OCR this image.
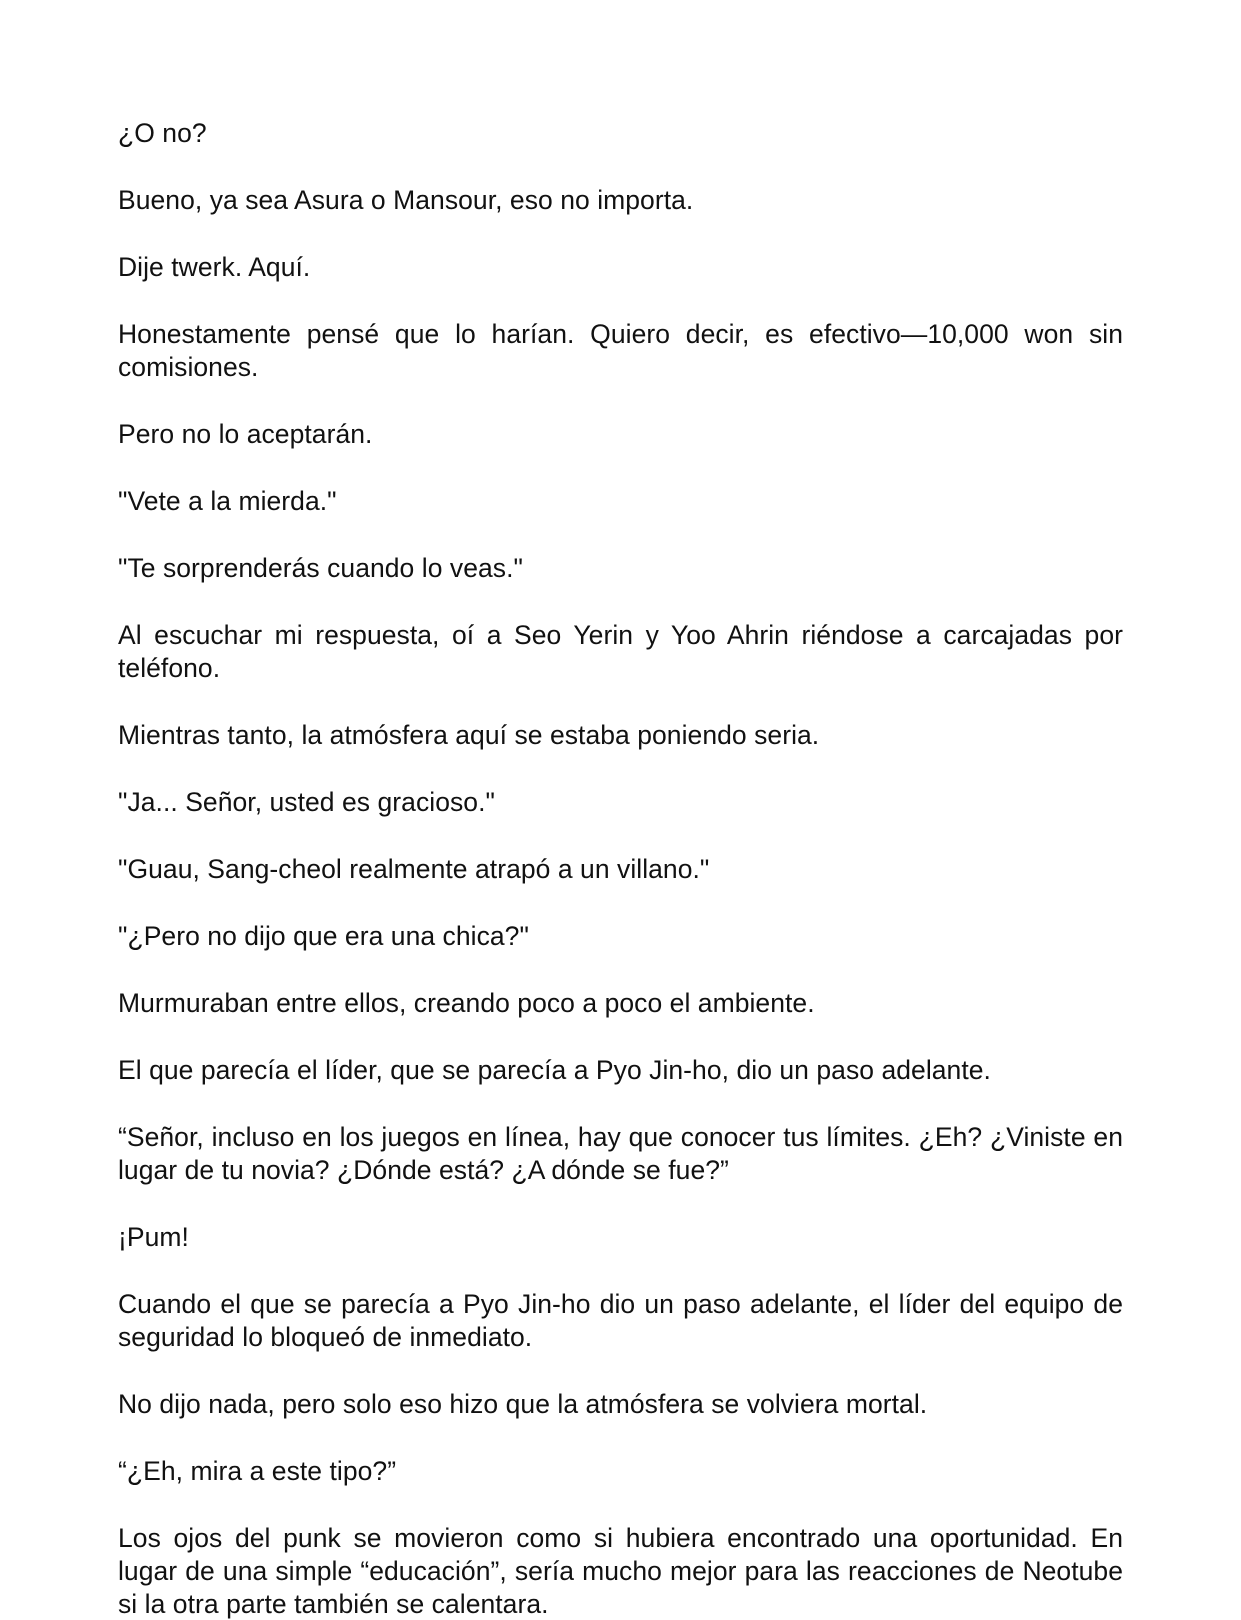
¿O no?

Bueno, ya sea Asura o Mansour, eso no importa.

Dije twerk. Aquí.

Honestamente pensé que lo harían. Quiero decir, es efectivo—10,000 won sin comisiones.

Pero no lo aceptarán.

"Vete a la mierda."

"Te sorprenderás cuando lo veas."

Al escuchar mi respuesta, oí a Seo Yerin y Yoo Ahrin riéndose a carcajadas por teléfono.

Mientras tanto, la atmósfera aquí se estaba poniendo seria.

"Ja... Señor, usted es gracioso."

"Guau, Sang-cheol realmente atrapó a un villano."

"¿Pero no dijo que era una chica?"

Murmuraban entre ellos, creando poco a poco el ambiente.

El que parecía el líder, que se parecía a Pyo Jin-ho, dio un paso adelante.

“Señor, incluso en los juegos en línea, hay que conocer tus límites. ¿Eh? ¿Viniste en lugar de tu novia? ¿Dónde está? ¿A dónde se fue?”

¡Pum!

Cuando el que se parecía a Pyo Jin-ho dio un paso adelante, el líder del equipo de seguridad lo bloqueó de inmediato.

No dijo nada, pero solo eso hizo que la atmósfera se volviera mortal.

“¿Eh, mira a este tipo?”

Los ojos del punk se movieron como si hubiera encontrado una oportunidad. En lugar de una simple “educación”, sería mucho mejor para las reacciones de Neotube si la otra parte también se calentara.
